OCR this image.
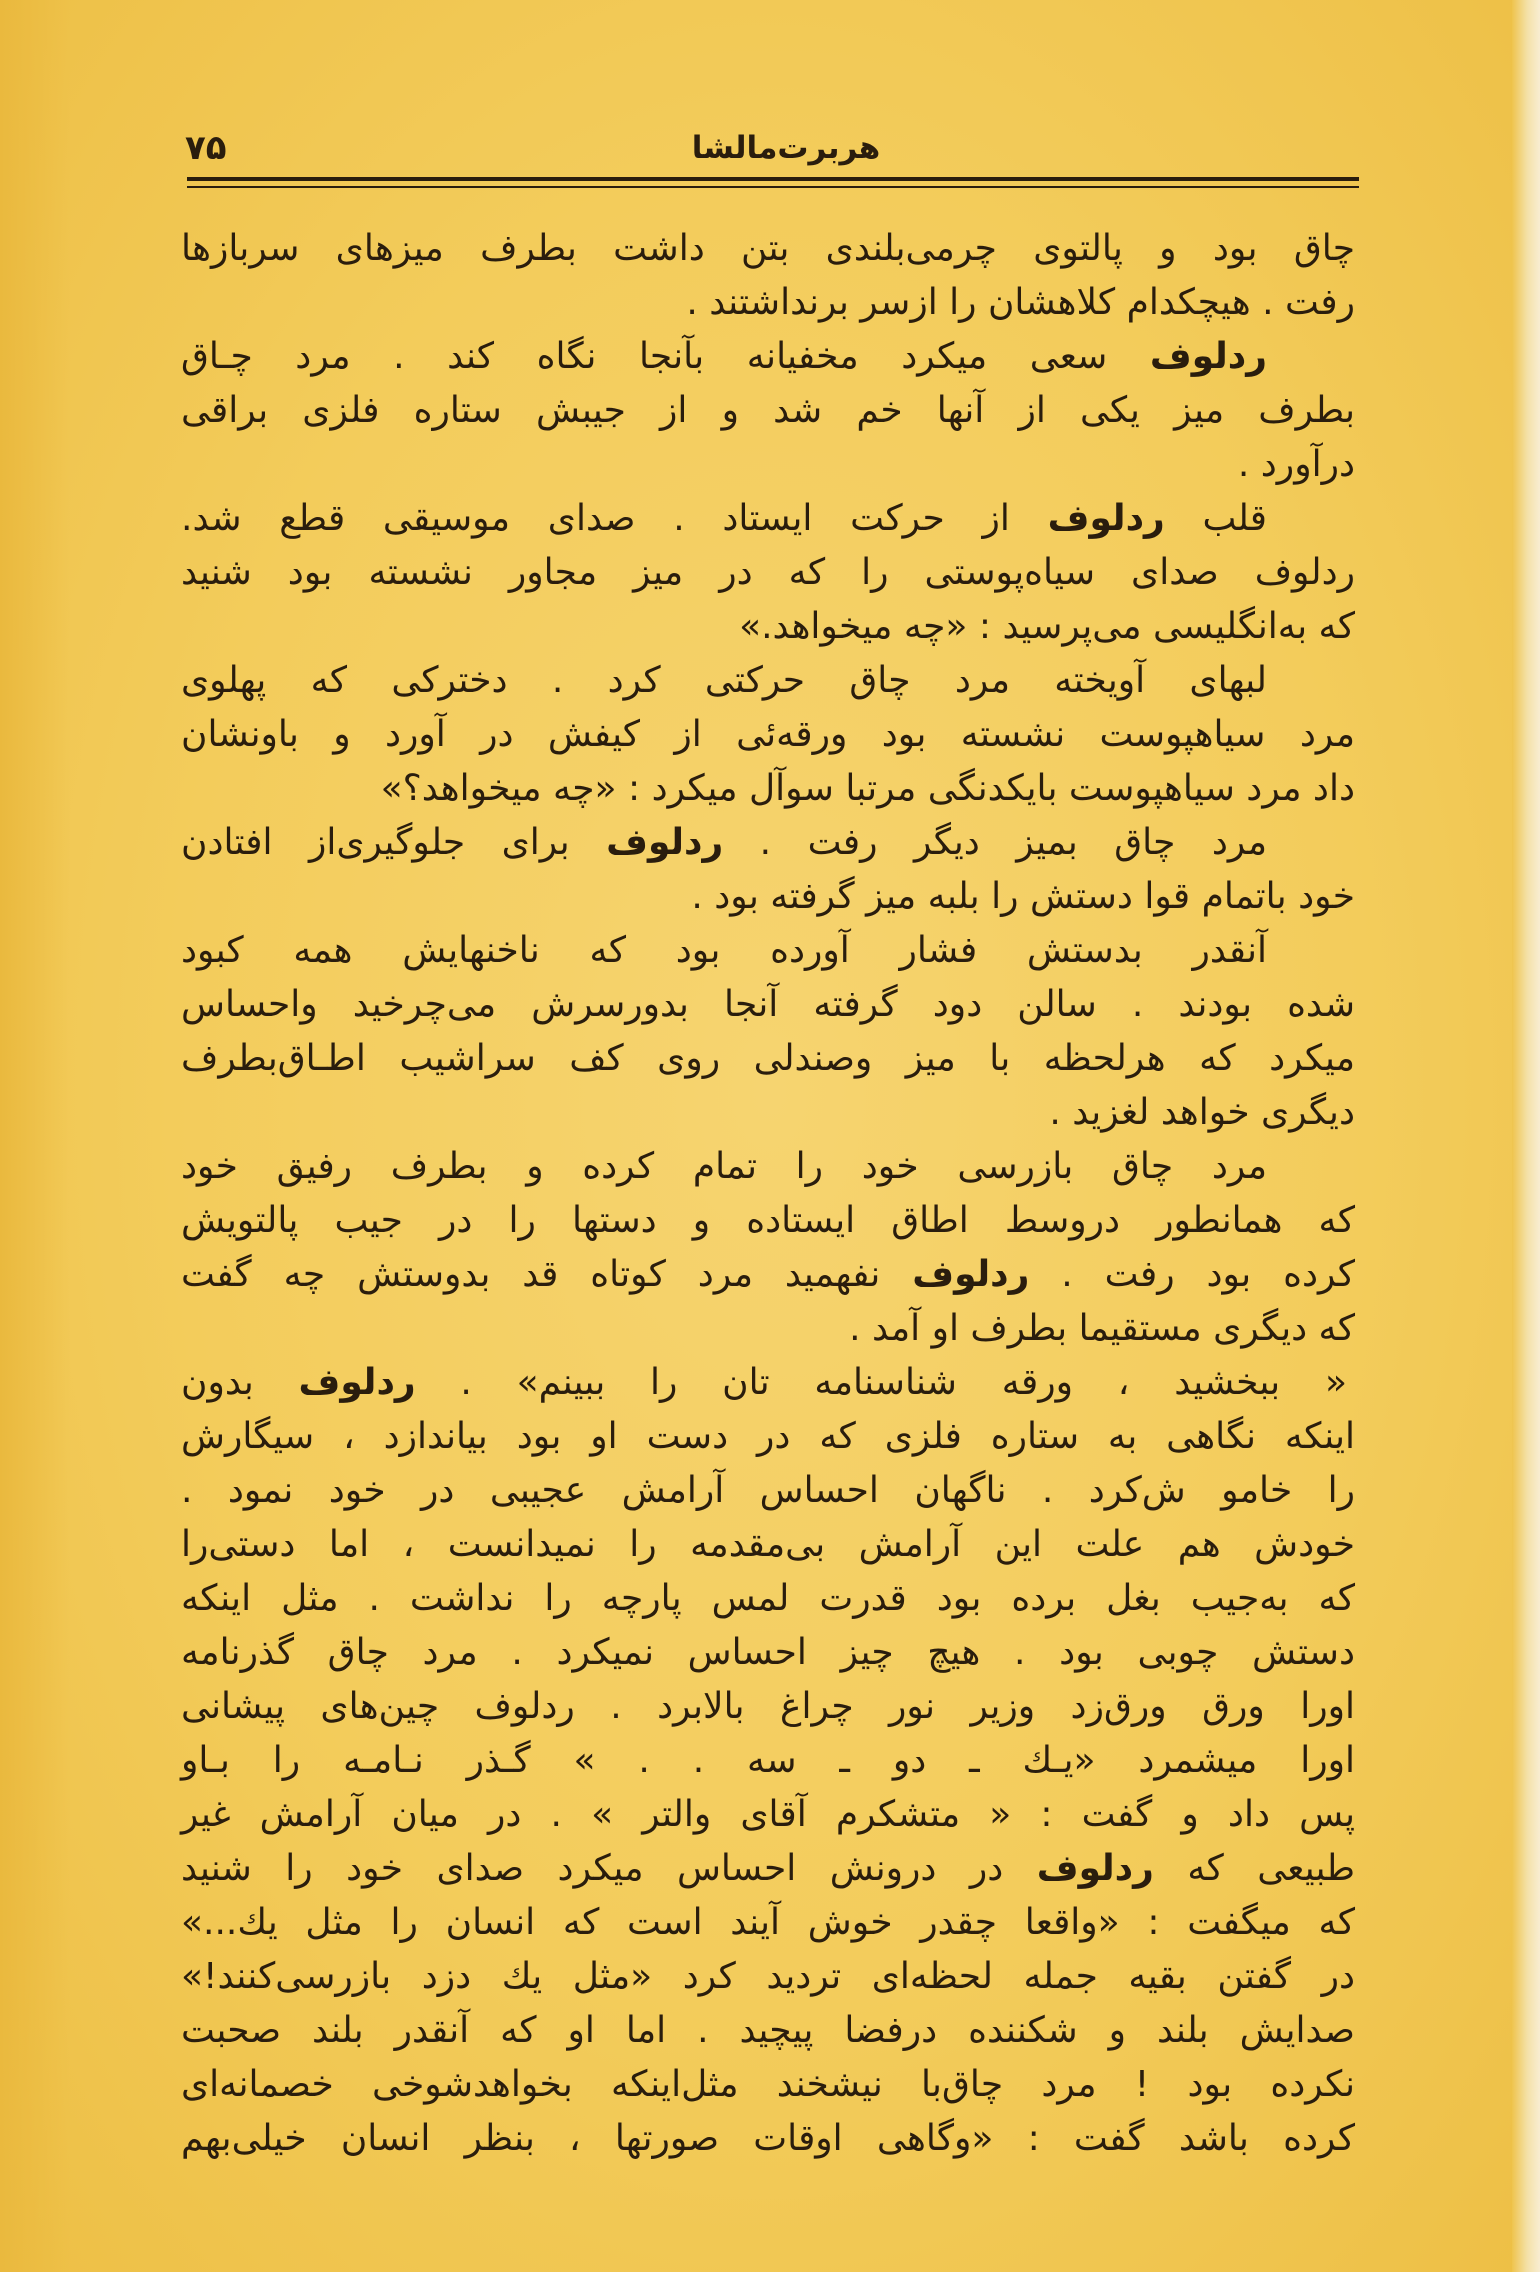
۷۵	هربرت‌مالشا
چاق بود و پالتوی چرمی‌بلندی بتن داشت بطرف میز‌های سربازها
رفت . هیچکدام کلاهشان را ازسر برنداشتند .
ردلوف سعی میکرد مخفیانه بآنجا نگاه کند . مرد چـاق
بطرف میز یکی از آنها خم شد و از جیبش ستاره فلزی براقی
درآورد .
قلب ردلوف از حرکت ایستاد . صدای موسیقی قطع شد.
ردلوف صدای سیاه‌پوستی را که در میز مجاور نشسته بود شنید
که به‌انگلیسی می‌پرسید : «چه میخواهد.»
لبهای آویخته مرد چاق حرکتی کرد . دخترکی که پهلوی
مرد سیاهپوست نشسته بود ورقه‌ئی از کیفش در آورد و باونشان
داد مرد سیاهپوست بایکدنگی مرتبا سوآل میکرد : «چه میخواهد؟»
مرد چاق بمیز دیگر رفت . ردلوف برای جلوگیری‌از افتادن
خود باتمام قوا دستش را بلبه میز گرفته بود .
آنقدر بدستش فشار آورده بود که ناخنهایش همه کبود
شده بودند . سالن دود گرفته آنجا بدورسرش می‌چرخید واحساس
میکرد که هرلحظه با میز وصندلی روی کف سراشیب اطـاق‌بطرف
دیگری خواهد لغزید .
مرد چاق بازرسی خود را تمام کرده و بطرف رفیق خود
که همانطور دروسط اطاق ایستاده و دستها را در جیب پالتویش
کرده بود رفت . ردلوف نفهمید مرد کوتاه قد بدوستش چه گفت
که دیگری مستقیما بطرف او آمد .
« ببخشید ، ورقه شناسنامه تان را ببینم» . ردلوف بدون
اینکه نگاهی به ستاره فلزی که در دست او بود بیاندازد ، سیگارش
را خامو ش‌کرد . ناگهان احساس آرامش عجیبی در خود نمود .
خودش هم علت این آرامش بی‌مقدمه را نمیدانست ، اما دستی‌را
که به‌جیب بغل برده بود قدرت لمس پارچه را نداشت . مثل اینکه
دستش چوبی بود . هیچ چیز احساس نمیکرد . مرد چاق گذرنامه
اورا ورق ورق‌زد وزیر نور چراغ بالابرد . ردلوف چین‌های پیشانی
اورا میشمرد «یـك ـ دو ـ سه . . » گـذر نـامـه را بـاو
پس داد و گفت : « متشکرم آقای والتر » . در میان آرامش غیر
طبیعی که ردلوف در درونش احساس میکرد صدای خود را شنید
که میگفت : «واقعا چقدر خوش آیند است که انسان را مثل یك...»
در گفتن بقیه جمله لحظه‌ای تردید کرد «مثل یك دزد بازرسی‌کنند!»
صدایش بلند و شکننده درفضا پیچید . اما او که آنقدر بلند صحبت
نکرده بود ! مرد چاق‌با نیشخند مثل‌اینکه بخواهدشوخی خصمانه‌ای
کرده باشد گفت : «وگاهی اوقات صورتها ، بنظر انسان خیلی‌بهم
